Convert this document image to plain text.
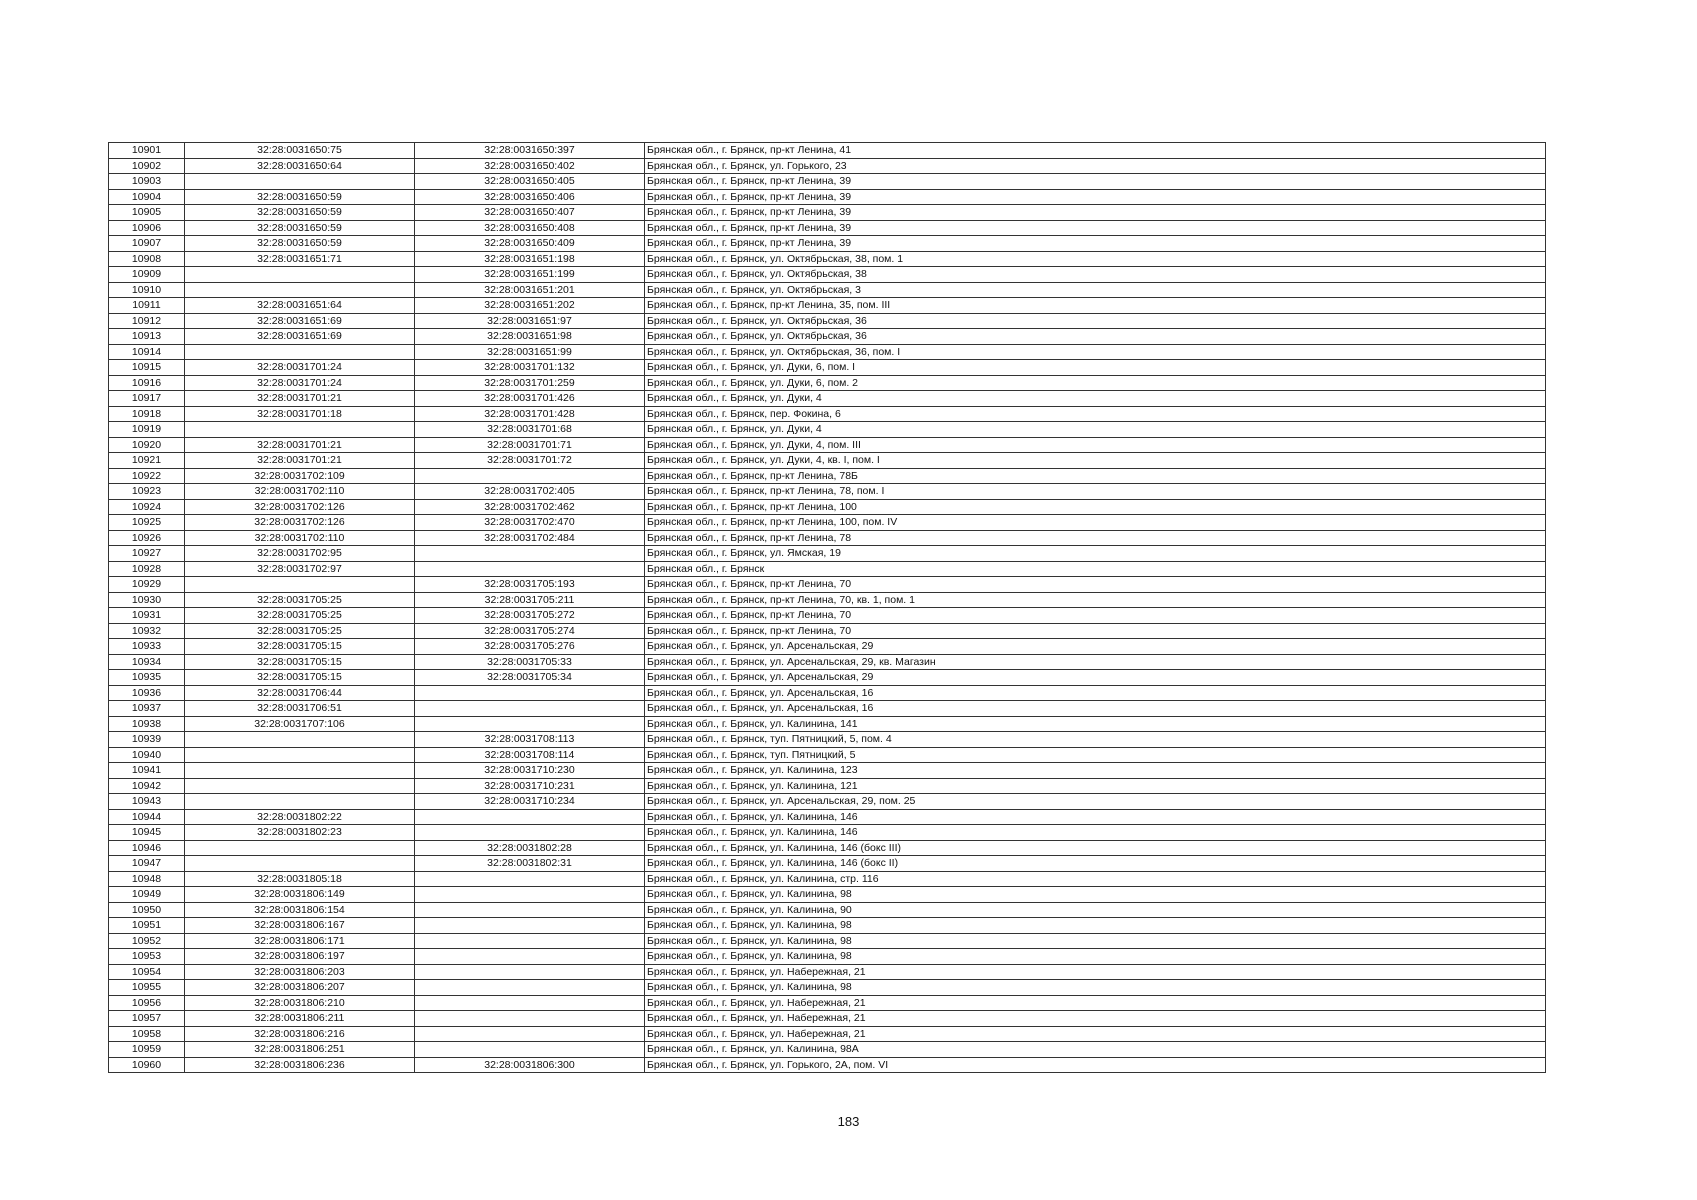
10901	32:28:0031650:75	32:28:0031650:397	Брянская обл., г. Брянск, пр-кт Ленина, 41
10902	32:28:0031650:64	32:28:0031650:402	Брянская обл., г. Брянск, ул. Горького, 23
10903		32:28:0031650:405	Брянская обл., г. Брянск, пр-кт Ленина, 39
10904	32:28:0031650:59	32:28:0031650:406	Брянская обл., г. Брянск, пр-кт Ленина, 39
10905	32:28:0031650:59	32:28:0031650:407	Брянская обл., г. Брянск, пр-кт Ленина, 39
10906	32:28:0031650:59	32:28:0031650:408	Брянская обл., г. Брянск, пр-кт Ленина, 39
10907	32:28:0031650:59	32:28:0031650:409	Брянская обл., г. Брянск, пр-кт Ленина, 39
10908	32:28:0031651:71	32:28:0031651:198	Брянская обл., г. Брянск, ул. Октябрьская, 38, пом. 1
10909		32:28:0031651:199	Брянская обл., г. Брянск, ул. Октябрьская, 38
10910		32:28:0031651:201	Брянская обл., г. Брянск, ул. Октябрьская, 3
10911	32:28:0031651:64	32:28:0031651:202	Брянская обл., г. Брянск, пр-кт Ленина, 35, пом. III
10912	32:28:0031651:69	32:28:0031651:97	Брянская обл., г. Брянск, ул. Октябрьская, 36
10913	32:28:0031651:69	32:28:0031651:98	Брянская обл., г. Брянск, ул. Октябрьская, 36
10914		32:28:0031651:99	Брянская обл., г. Брянск, ул. Октябрьская, 36, пом. I
10915	32:28:0031701:24	32:28:0031701:132	Брянская обл., г. Брянск, ул. Дуки, 6, пом. I
10916	32:28:0031701:24	32:28:0031701:259	Брянская обл., г. Брянск, ул. Дуки, 6, пом. 2
10917	32:28:0031701:21	32:28:0031701:426	Брянская обл., г. Брянск, ул. Дуки, 4
10918	32:28:0031701:18	32:28:0031701:428	Брянская обл., г. Брянск, пер. Фокина, 6
10919		32:28:0031701:68	Брянская обл., г. Брянск, ул. Дуки, 4
10920	32:28:0031701:21	32:28:0031701:71	Брянская обл., г. Брянск, ул. Дуки, 4, пом. III
10921	32:28:0031701:21	32:28:0031701:72	Брянская обл., г. Брянск, ул. Дуки, 4, кв. I, пом. I
10922	32:28:0031702:109		Брянская обл., г. Брянск, пр-кт Ленина, 78Б
10923	32:28:0031702:110	32:28:0031702:405	Брянская обл., г. Брянск, пр-кт Ленина, 78, пом. I
10924	32:28:0031702:126	32:28:0031702:462	Брянская обл., г. Брянск, пр-кт Ленина, 100
10925	32:28:0031702:126	32:28:0031702:470	Брянская обл., г. Брянск, пр-кт Ленина, 100, пом. IV
10926	32:28:0031702:110	32:28:0031702:484	Брянская обл., г. Брянск, пр-кт Ленина, 78
10927	32:28:0031702:95		Брянская обл., г. Брянск, ул. Ямская, 19
10928	32:28:0031702:97		Брянская обл., г. Брянск
10929		32:28:0031705:193	Брянская обл., г. Брянск, пр-кт Ленина, 70
10930	32:28:0031705:25	32:28:0031705:211	Брянская обл., г. Брянск, пр-кт Ленина, 70, кв. 1, пом. 1
10931	32:28:0031705:25	32:28:0031705:272	Брянская обл., г. Брянск, пр-кт Ленина, 70
10932	32:28:0031705:25	32:28:0031705:274	Брянская обл., г. Брянск, пр-кт Ленина, 70
10933	32:28:0031705:15	32:28:0031705:276	Брянская обл., г. Брянск, ул. Арсенальская, 29
10934	32:28:0031705:15	32:28:0031705:33	Брянская обл., г. Брянск, ул. Арсенальская, 29, кв. Магазин
10935	32:28:0031705:15	32:28:0031705:34	Брянская обл., г. Брянск, ул. Арсенальская, 29
10936	32:28:0031706:44		Брянская обл., г. Брянск, ул. Арсенальская, 16
10937	32:28:0031706:51		Брянская обл., г. Брянск, ул. Арсенальская, 16
10938	32:28:0031707:106		Брянская обл., г. Брянск, ул. Калинина, 141
10939		32:28:0031708:113	Брянская обл., г. Брянск, туп. Пятницкий, 5, пом. 4
10940		32:28:0031708:114	Брянская обл., г. Брянск, туп. Пятницкий, 5
10941		32:28:0031710:230	Брянская обл., г. Брянск, ул. Калинина, 123
10942		32:28:0031710:231	Брянская обл., г. Брянск, ул. Калинина, 121
10943		32:28:0031710:234	Брянская обл., г. Брянск, ул. Арсенальская, 29, пом. 25
10944	32:28:0031802:22		Брянская обл., г. Брянск, ул. Калинина, 146
10945	32:28:0031802:23		Брянская обл., г. Брянск, ул. Калинина, 146
10946		32:28:0031802:28	Брянская обл., г. Брянск, ул. Калинина, 146 (бокс III)
10947		32:28:0031802:31	Брянская обл., г. Брянск, ул. Калинина, 146 (бокс II)
10948	32:28:0031805:18		Брянская обл., г. Брянск, ул. Калинина, стр. 116
10949	32:28:0031806:149		Брянская обл., г. Брянск, ул. Калинина, 98
10950	32:28:0031806:154		Брянская обл., г. Брянск, ул. Калинина, 90
10951	32:28:0031806:167		Брянская обл., г. Брянск, ул. Калинина, 98
10952	32:28:0031806:171		Брянская обл., г. Брянск, ул. Калинина, 98
10953	32:28:0031806:197		Брянская обл., г. Брянск, ул. Калинина, 98
10954	32:28:0031806:203		Брянская обл., г. Брянск, ул. Набережная, 21
10955	32:28:0031806:207		Брянская обл., г. Брянск, ул. Калинина, 98
10956	32:28:0031806:210		Брянская обл., г. Брянск, ул. Набережная, 21
10957	32:28:0031806:211		Брянская обл., г. Брянск, ул. Набережная, 21
10958	32:28:0031806:216		Брянская обл., г. Брянск, ул. Набережная, 21
10959	32:28:0031806:251		Брянская обл., г. Брянск, ул. Калинина, 98А
10960	32:28:0031806:236	32:28:0031806:300	Брянская обл., г. Брянск, ул. Горького, 2А, пом. VI
183
